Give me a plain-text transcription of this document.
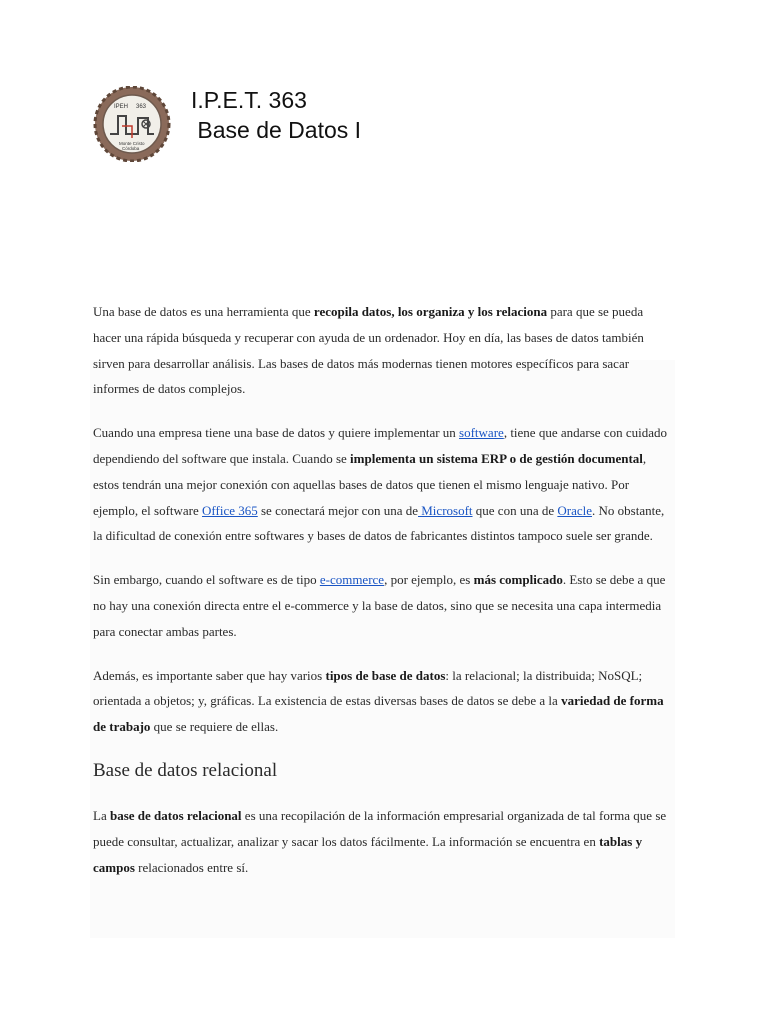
IPEH 363
Monte Cristo
Córdoba
I.P.E.T. 363
Base de Datos I

Una base de datos es una herramienta que recopila datos, los organiza y los relaciona para que se pueda hacer una rápida búsqueda y recuperar con ayuda de un ordenador. Hoy en día, las bases de datos también sirven para desarrollar análisis. Las bases de datos más modernas tienen motores específicos para sacar informes de datos complejos.

Cuando una empresa tiene una base de datos y quiere implementar un software, tiene que andarse con cuidado dependiendo del software que instala. Cuando se implementa un sistema ERP o de gestión documental, estos tendrán una mejor conexión con aquellas bases de datos que tienen el mismo lenguaje nativo. Por ejemplo, el software Office 365 se conectará mejor con una de Microsoft que con una de Oracle. No obstante, la dificultad de conexión entre softwares y bases de datos de fabricantes distintos tampoco suele ser grande.

Sin embargo, cuando el software es de tipo e-commerce, por ejemplo, es más complicado. Esto se debe a que no hay una conexión directa entre el e-commerce y la base de datos, sino que se necesita una capa intermedia para conectar ambas partes.

Además, es importante saber que hay varios tipos de base de datos: la relacional; la distribuida; NoSQL; orientada a objetos; y, gráficas. La existencia de estas diversas bases de datos se debe a la variedad de forma de trabajo que se requiere de ellas.

Base de datos relacional

La base de datos relacional es una recopilación de la información empresarial organizada de tal forma que se puede consultar, actualizar, analizar y sacar los datos fácilmente. La información se encuentra en tablas y campos relacionados entre sí.
